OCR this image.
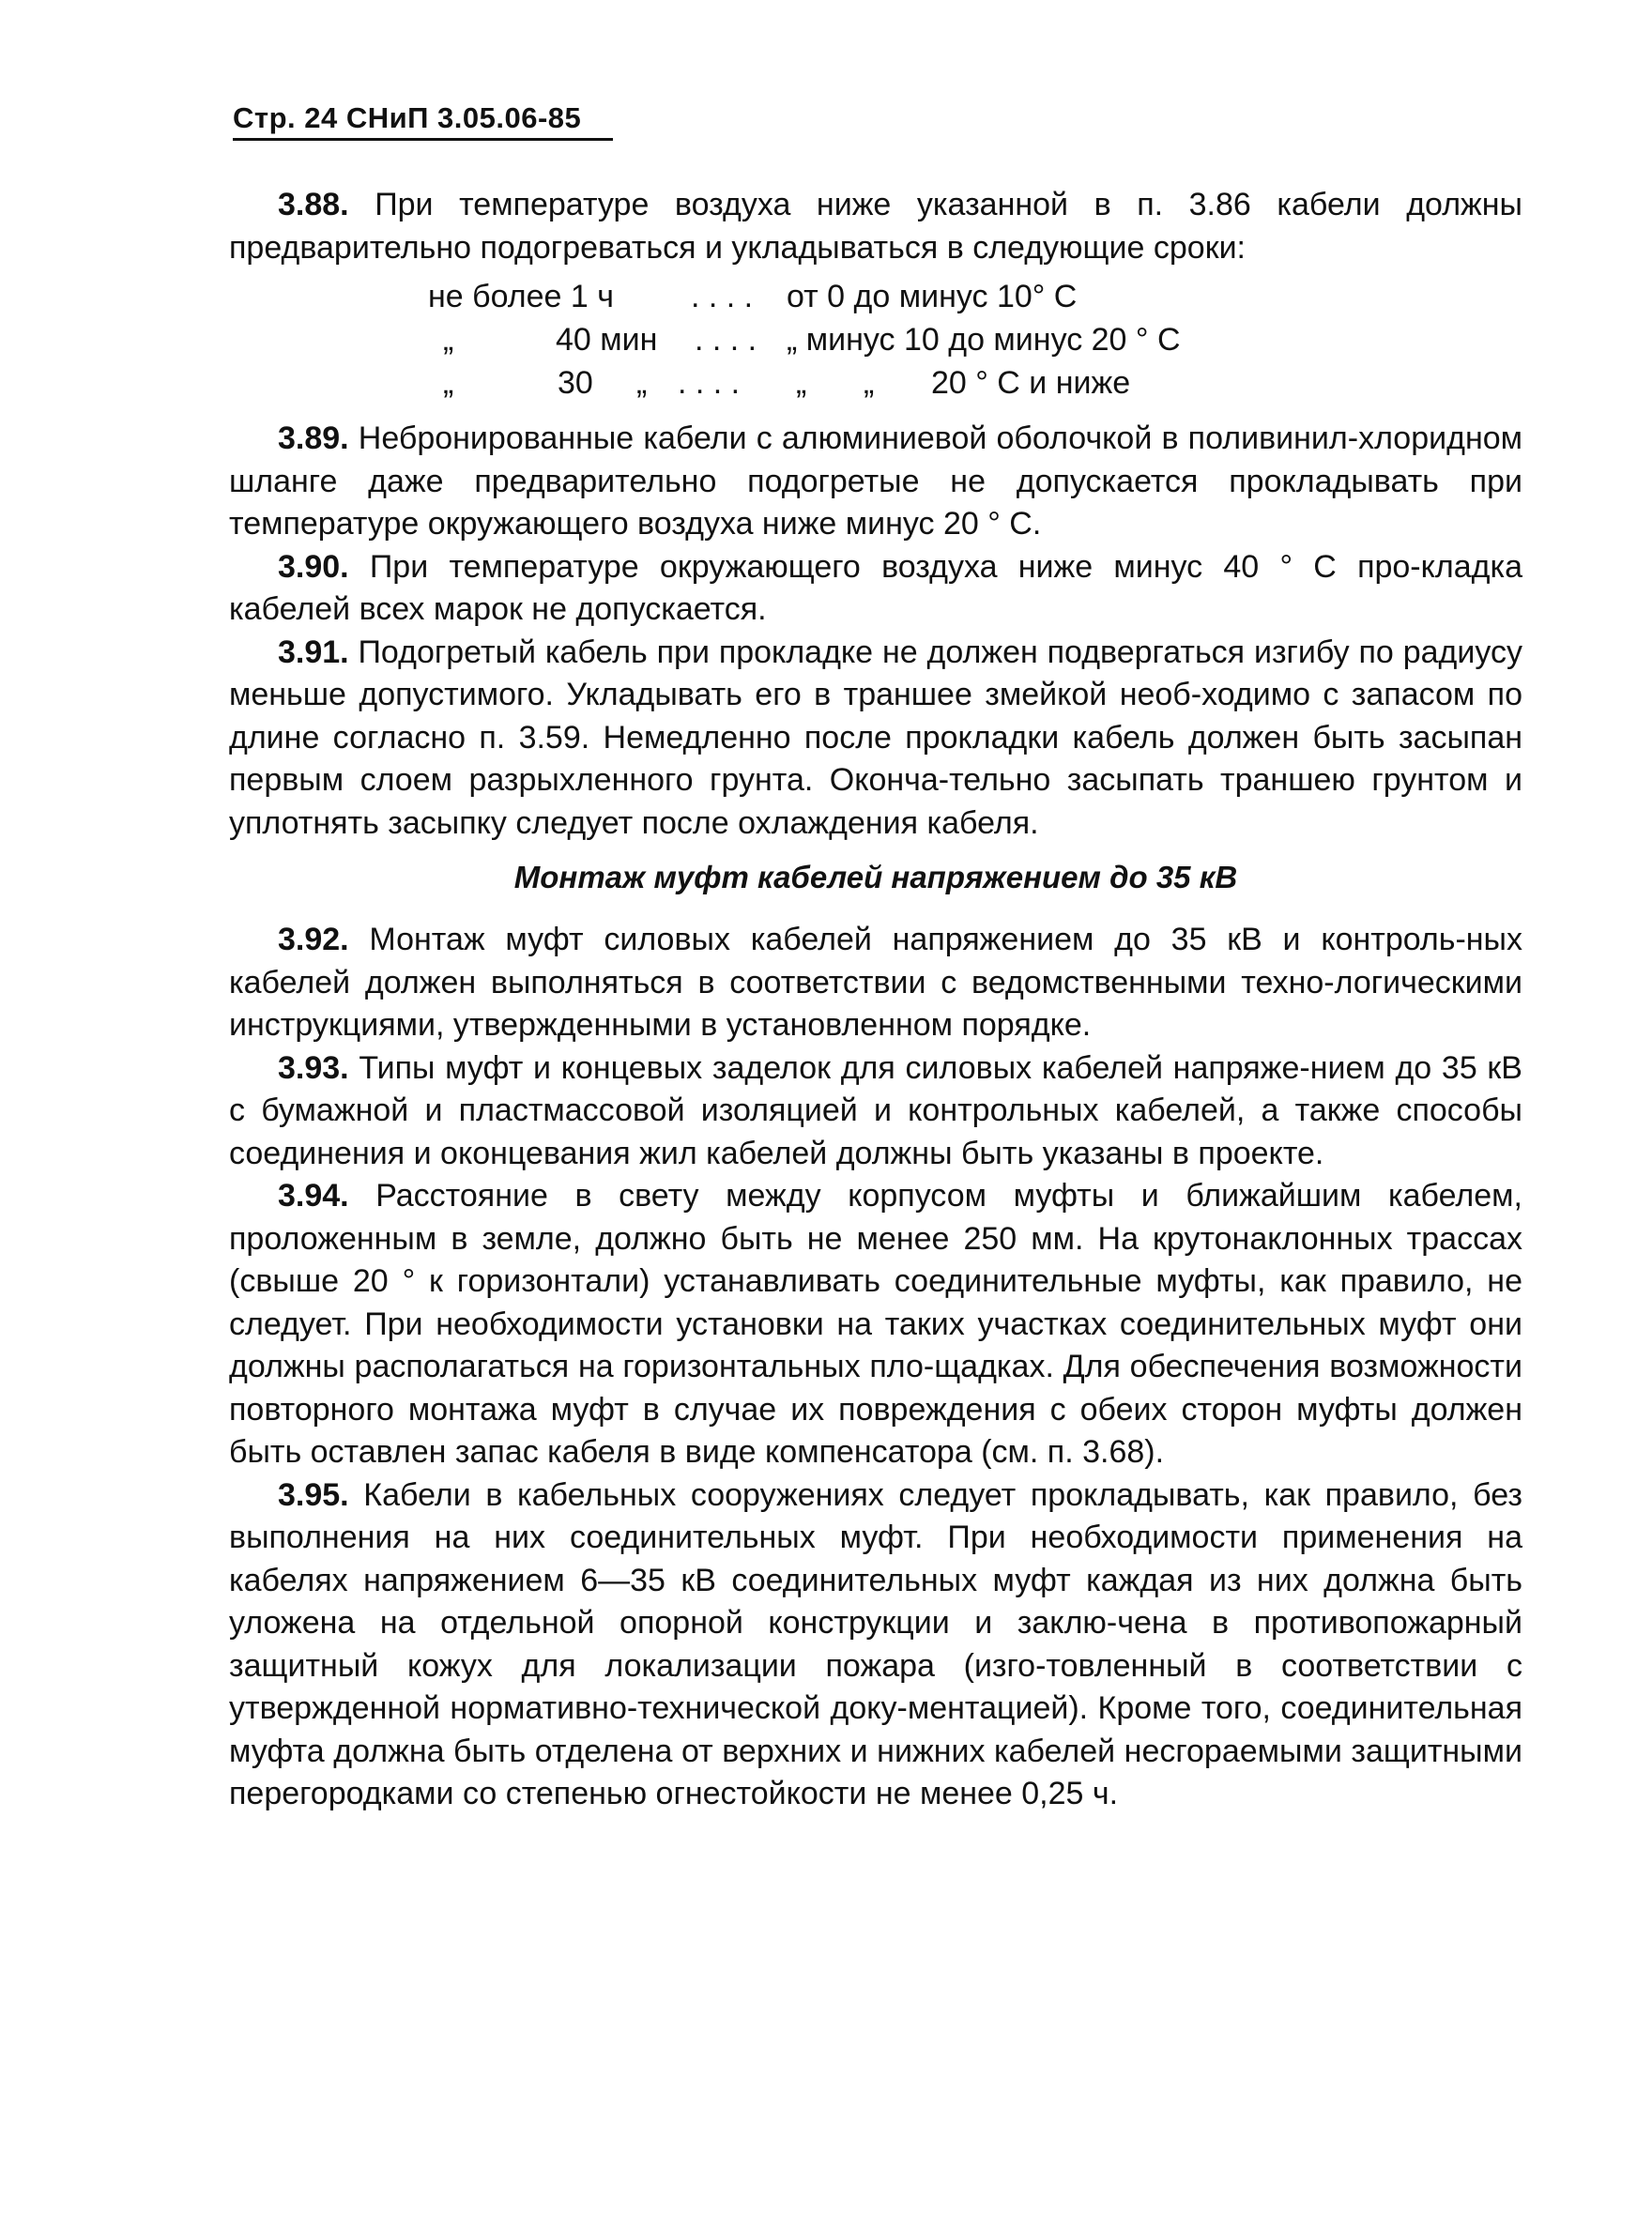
Стр. 24 СНиП 3.05.06-85

3.88. При температуре воздуха ниже указанной в п. 3.86 кабели должны предварительно подогреваться и укладываться в следующие сроки:

не более 1 ч . . . . от 0 до минус 10° С
„	40 мин . . . . „ минус 10 до минус 20 ° С
„	30 „ . . . . „ „ 20 ° С и ниже

3.89. Небронированные кабели с алюминиевой оболочкой в поливинил-хлоридном шланге даже предварительно подогретые не допускается прокладывать при температуре окружающего воздуха ниже минус 20 ° С.

3.90. При температуре окружающего воздуха ниже минус 40 ° С про-кладка кабелей всех марок не допускается.

3.91. Подогретый кабель при прокладке не должен подвергаться изгибу по радиусу меньше допустимого. Укладывать его в траншее змейкой необ-ходимо с запасом по длине согласно п. 3.59. Немедленно после прокладки кабель должен быть засыпан первым слоем разрыхленного грунта. Оконча-тельно засыпать траншею грунтом и уплотнять засыпку следует после охлаждения кабеля.

Монтаж муфт кабелей напряжением до 35 кВ

3.92. Монтаж муфт силовых кабелей напряжением до 35 кВ и контроль-ных кабелей должен выполняться в соответствии с ведомственными техно-логическими инструкциями, утвержденными в установленном порядке.

3.93. Типы муфт и концевых заделок для силовых кабелей напряже-нием до 35 кВ с бумажной и пластмассовой изоляцией и контрольных кабелей, а также способы соединения и оконцевания жил кабелей должны быть указаны в проекте.

3.94. Расстояние в свету между корпусом муфты и ближайшим кабелем, проложенным в земле, должно быть не менее 250 мм. На крутонаклонных трассах (свыше 20 ° к горизонтали) устанавливать соединительные муфты, как правило, не следует. При необходимости установки на таких участках соединительных муфт они должны располагаться на горизонтальных пло-щадках. Для обеспечения возможности повторного монтажа муфт в случае их повреждения с обеих сторон муфты должен быть оставлен запас кабеля в виде компенсатора (см. п. 3.68).

3.95. Кабели в кабельных сооружениях следует прокладывать, как правило, без выполнения на них соединительных муфт. При необходимости применения на кабелях напряжением 6—35 кВ соединительных муфт каждая из них должна быть уложена на отдельной опорной конструкции и заклю-чена в противопожарный защитный кожух для локализации пожара (изго-товленный в соответствии с утвержденной нормативно-технической доку-ментацией). Кроме того, соединительная муфта должна быть отделена от верхних и нижних кабелей несгораемыми защитными перегородками со степенью огнестойкости не менее 0,25 ч.
